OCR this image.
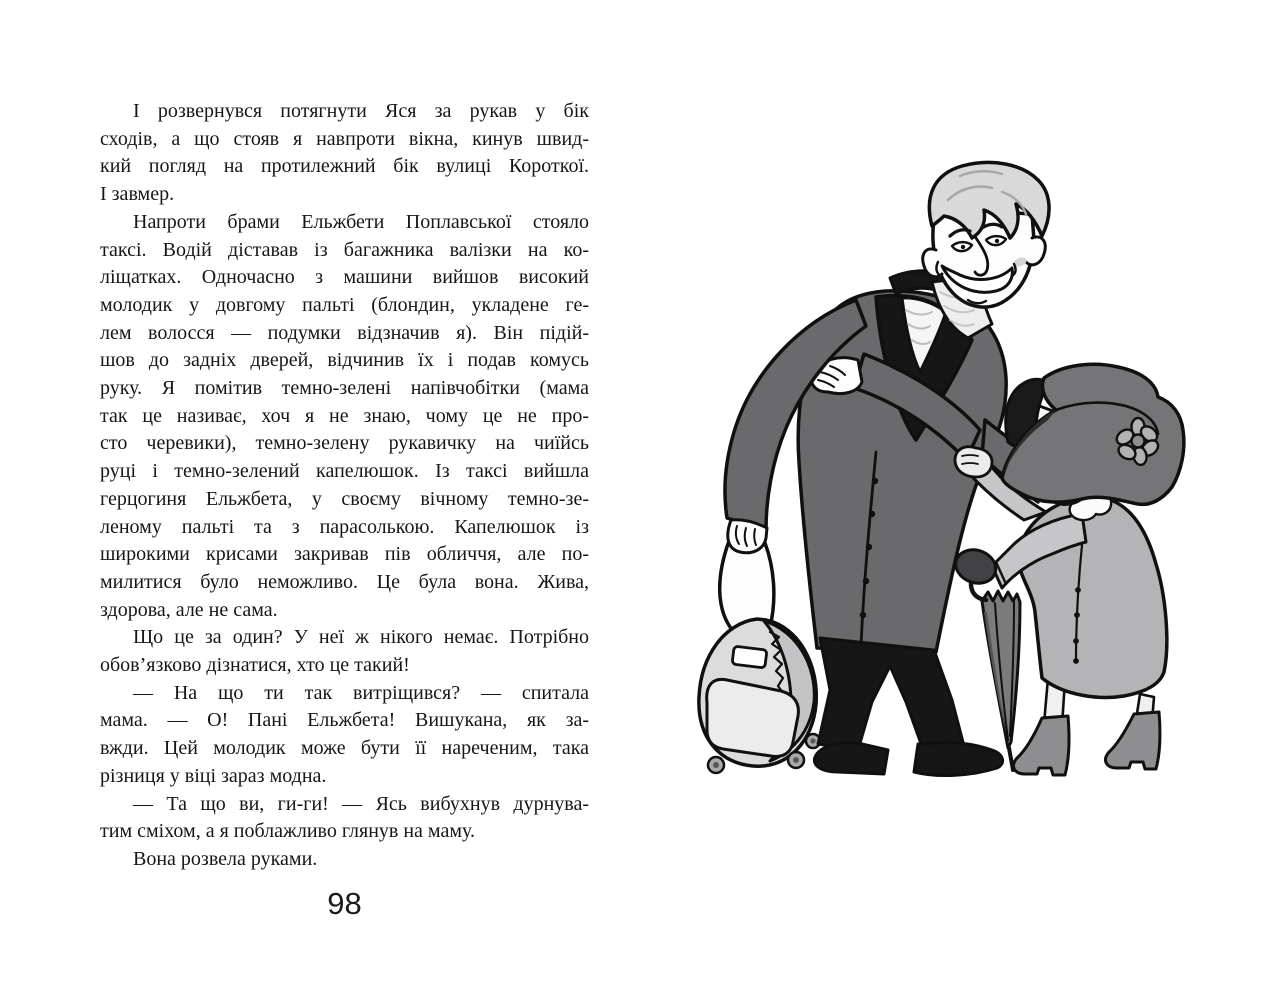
І розвернувся потягнути Яся за рукав у бік
сходів, а що стояв я навпроти вікна, кинув швид-
кий погляд на протилежний бік вулиці Короткої.
І завмер.
Напроти брами Ельжбети Поплавської стояло
таксі. Водій діставав із багажника валізки на ко-
ліщатках. Одночасно з машини вийшов високий
молодик у довгому пальті (блондин, укладене ге-
лем волосся — подумки відзначив я). Він підій-
шов до задніх дверей, відчинив їх і подав комусь
руку. Я помітив темно-зелені напівчобітки (мама
так це називає, хоч я не знаю, чому це не про-
сто черевики), темно-зелену рукавичку на чиїйсь
руці і темно-зелений капелюшок. Із таксі вийшла
герцогиня Ельжбета, у своєму вічному темно-зе-
леному пальті та з парасолькою. Капелюшок із
широкими крисами закривав пів обличчя, але по-
милитися було неможливо. Це була вона. Жива,
здорова, але не сама.
Що це за один? У неї ж нікого немає. Потрібно
обов’язково дізнатися, хто це такий!
— На що ти так витріщився? — спитала
мама. — О! Пані Ельжбета! Вишукана, як за-
вжди. Цей молодик може бути її нареченим, така
різниця у віці зараз модна.
— Та що ви, ги-ги! — Ясь вибухнув дурнува-
тим сміхом, а я поблажливо глянув на маму.
Вона розвела руками.
98
